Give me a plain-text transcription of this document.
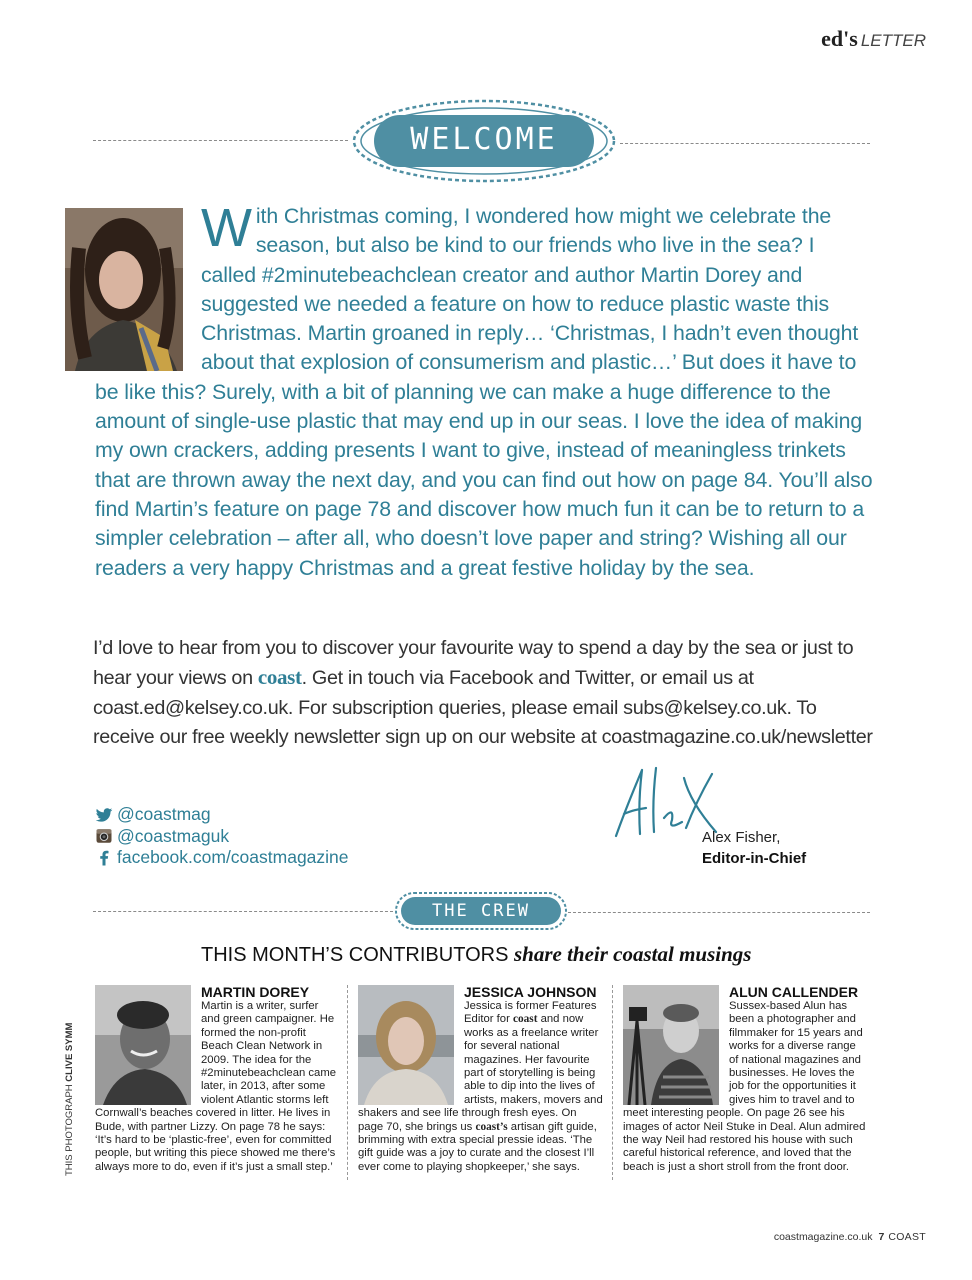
ed's LETTER
WELCOME
With Christmas coming, I wondered how might we celebrate the season, but also be kind to our friends who live in the sea? I called #2minutebeachclean creator and author Martin Dorey and suggested we needed a feature on how to reduce plastic waste this Christmas. Martin groaned in reply… ‘Christmas, I hadn’t even thought about that explosion of consumerism and plastic…’ But does it have to be like this? Surely, with a bit of planning we can make a huge difference to the amount of single-use plastic that may end up in our seas. I love the idea of making my own crackers, adding presents I want to give, instead of meaningless trinkets that are thrown away the next day, and you can find out how on page 84. You’ll also find Martin’s feature on page 78 and discover how much fun it can be to return to a simpler celebration – after all, who doesn’t love paper and string? Wishing all our readers a very happy Christmas and a great festive holiday by the sea.
I’d love to hear from you to discover your favourite way to spend a day by the sea or just to hear your views on coast. Get in touch via Facebook and Twitter, or email us at coast.ed@kelsey.co.uk. For subscription queries, please email subs@kelsey.co.uk. To receive our free weekly newsletter sign up on our website at coastmagazine.co.uk/newsletter
@coastmag
@coastmaguk
facebook.com/coastmagazine
Alex Fisher,
Editor-in-Chief
THE CREW
THIS MONTH’S CONTRIBUTORS share their coastal musings
THIS PHOTOGRAPH CLIVE SYMM
MARTIN DOREY

Martin is a writer, surfer and green campaigner. He formed the non-profit Beach Clean Network in 2009. The idea for the #2minutebeachclean came later, in 2013, after some violent Atlantic storms left Cornwall’s beaches covered in litter. He lives in Bude, with partner Lizzy. On page 78 he says: ‘It’s hard to be ‘plastic-free’, even for committed people, but writing this piece showed me there’s always more to do, even if it’s just a small step.’

JESSICA JOHNSON

Jessica is former Features Editor for coast and now works as a freelance writer for several national magazines. Her favourite part of storytelling is being able to dip into the lives of artists, makers, movers and shakers and see life through fresh eyes. On page 70, she brings us coast’s artisan gift guide, brimming with extra special pressie ideas. ‘The gift guide was a joy to curate and the closest I’ll ever come to playing shopkeeper,’ she says.

ALUN CALLENDER

Sussex-based Alun has been a photographer and filmmaker for 15 years and works for a diverse range of national magazines and businesses. He loves the job for the opportunities it gives him to travel and to meet interesting people. On page 26 see his images of actor Neil Stuke in Deal. Alun admired the way Neil had restored his house with such careful historical reference, and loved that the beach is just a short stroll from the front door.

coastmagazine.co.uk 7 COAST
